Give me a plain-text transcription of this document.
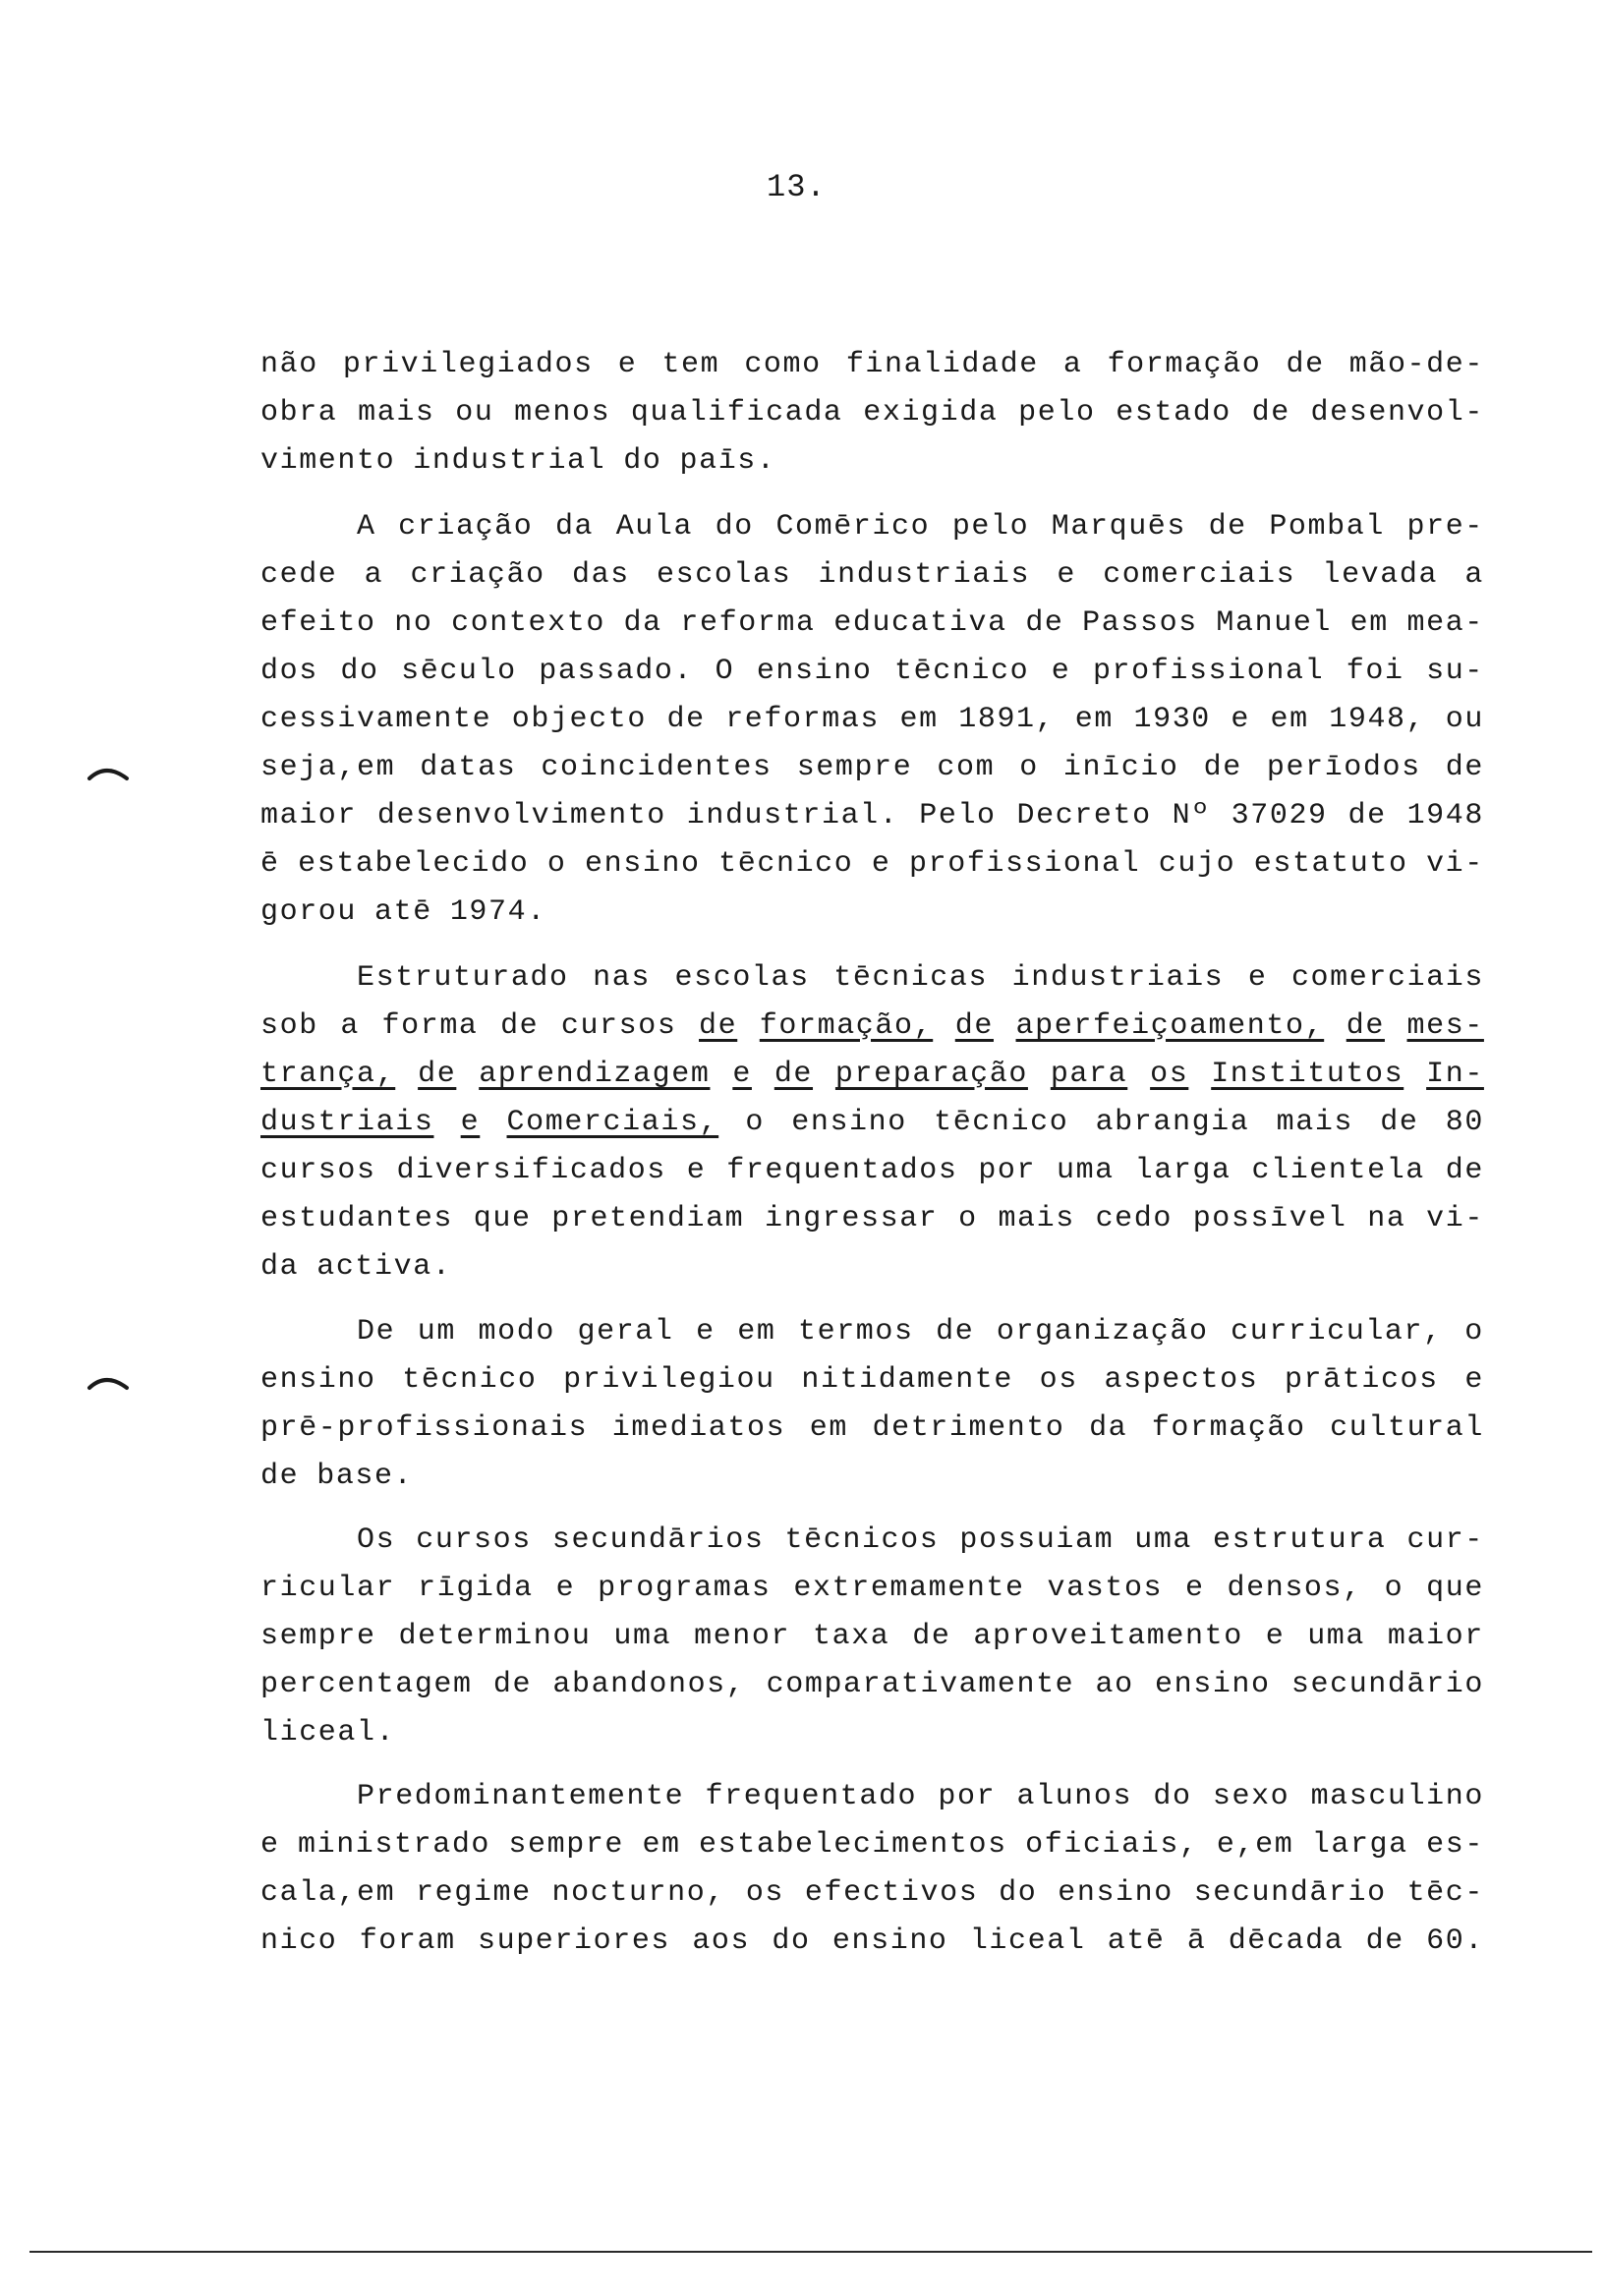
13.
não privilegiados e tem como finalidade a formação de mão-de-
obra mais ou menos qualificada exigida pelo estado de desenvol-
vimento industrial do paīs.
A criação da Aula do Comērico pelo Marquēs de Pombal pre-
cede a criação das escolas industriais e comerciais levada a
efeito no contexto da reforma educativa de Passos Manuel em mea-
dos do sēculo passado. O ensino tēcnico e profissional foi su-
cessivamente objecto de reformas em 1891, em 1930 e em 1948, ou
seja,em datas coincidentes sempre com o inīcio de perīodos de
maior desenvolvimento industrial. Pelo Decreto Nº 37029 de 1948
ē estabelecido o ensino tēcnico e profissional cujo estatuto vi-
gorou atē 1974.
Estruturado nas escolas tēcnicas industriais e comerciais
sob a forma de cursos de formação, de aperfeiçoamento, de mes-
trança, de aprendizagem e de preparação para os Institutos In-
dustriais e Comerciais, o ensino tēcnico abrangia mais de 80
cursos diversificados e frequentados por uma larga clientela de
estudantes que pretendiam ingressar o mais cedo possīvel na vi-
da activa.
De um modo geral e em termos de organização curricular, o
ensino tēcnico privilegiou nitidamente os aspectos prāticos e
prē-profissionais imediatos em detrimento da formação cultural
de base.
Os cursos secundārios tēcnicos possuiam uma estrutura cur-
ricular rīgida e programas extremamente vastos e densos, o que
sempre determinou uma menor taxa de aproveitamento e uma maior
percentagem de abandonos, comparativamente ao ensino secundārio
liceal.
Predominantemente frequentado por alunos do sexo masculino
e ministrado sempre em estabelecimentos oficiais, e,em larga es-
cala,em regime nocturno, os efectivos do ensino secundārio tēc-
nico foram superiores aos do ensino liceal atē ā dēcada de 60.
